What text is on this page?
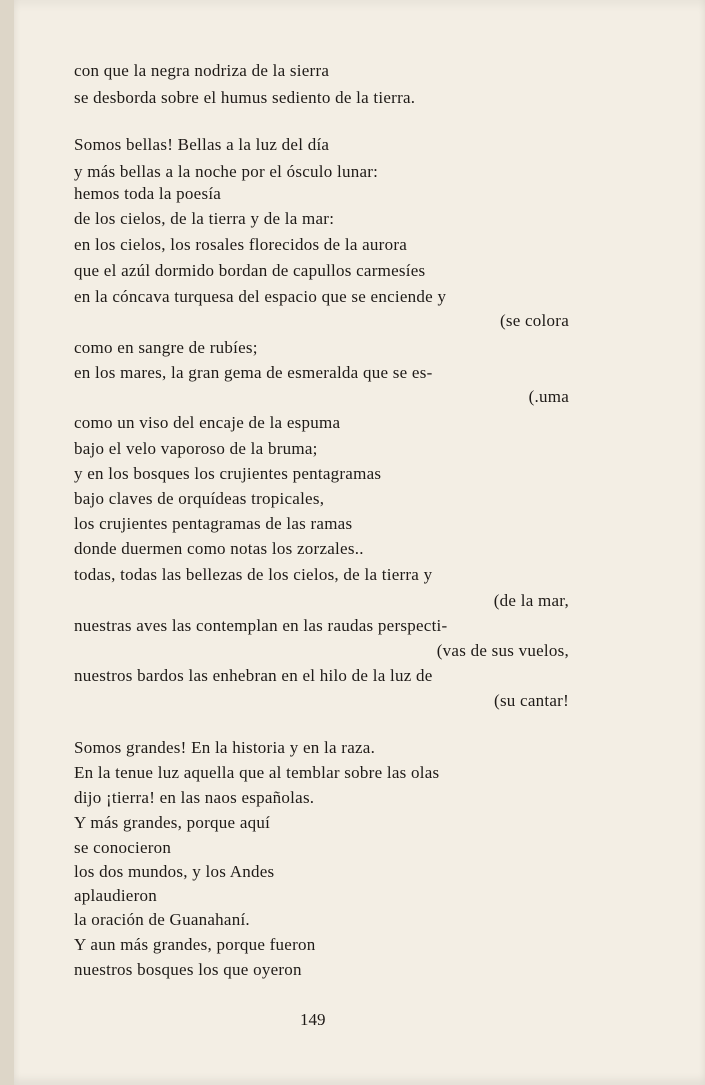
con que la negra nodriza de la sierra
se desborda sobre el humus sediento de la tierra.
Somos bellas! Bellas a la luz del día
y más bellas a la noche por el ósculo lunar:
hemos toda la poesía
de los cielos, de la tierra y de la mar:
en los cielos, los rosales florecidos de la aurora
que el azúl dormido bordan de capullos carmesíes
en la cóncava turquesa del espacio que se enciende y
(se colora
como en sangre de rubíes;
en los mares, la gran gema de esmeralda que se es-
(.uma
como un viso del encaje de la espuma
bajo el velo vaporoso de la bruma;
y en los bosques los crujientes pentagramas
bajo claves de orquídeas tropicales,
los crujientes pentagramas de las ramas
donde duermen como notas los zorzales..
todas, todas las bellezas de los cielos, de la tierra y
(de la mar,
nuestras aves las contemplan en las raudas perspecti-
(vas de sus vuelos,
nuestros bardos las enhebran en el hilo de la luz de
(su cantar!
Somos grandes! En la historia y en la raza.
En la tenue luz aquella que al temblar sobre las olas
dijo ¡tierra! en las naos españolas.
Y más grandes, porque aquí
se conocieron
los dos mundos, y los Andes
aplaudieron
la oración de Guanahaní.
Y aun más grandes, porque fueron
nuestros bosques los que oyeron
149
